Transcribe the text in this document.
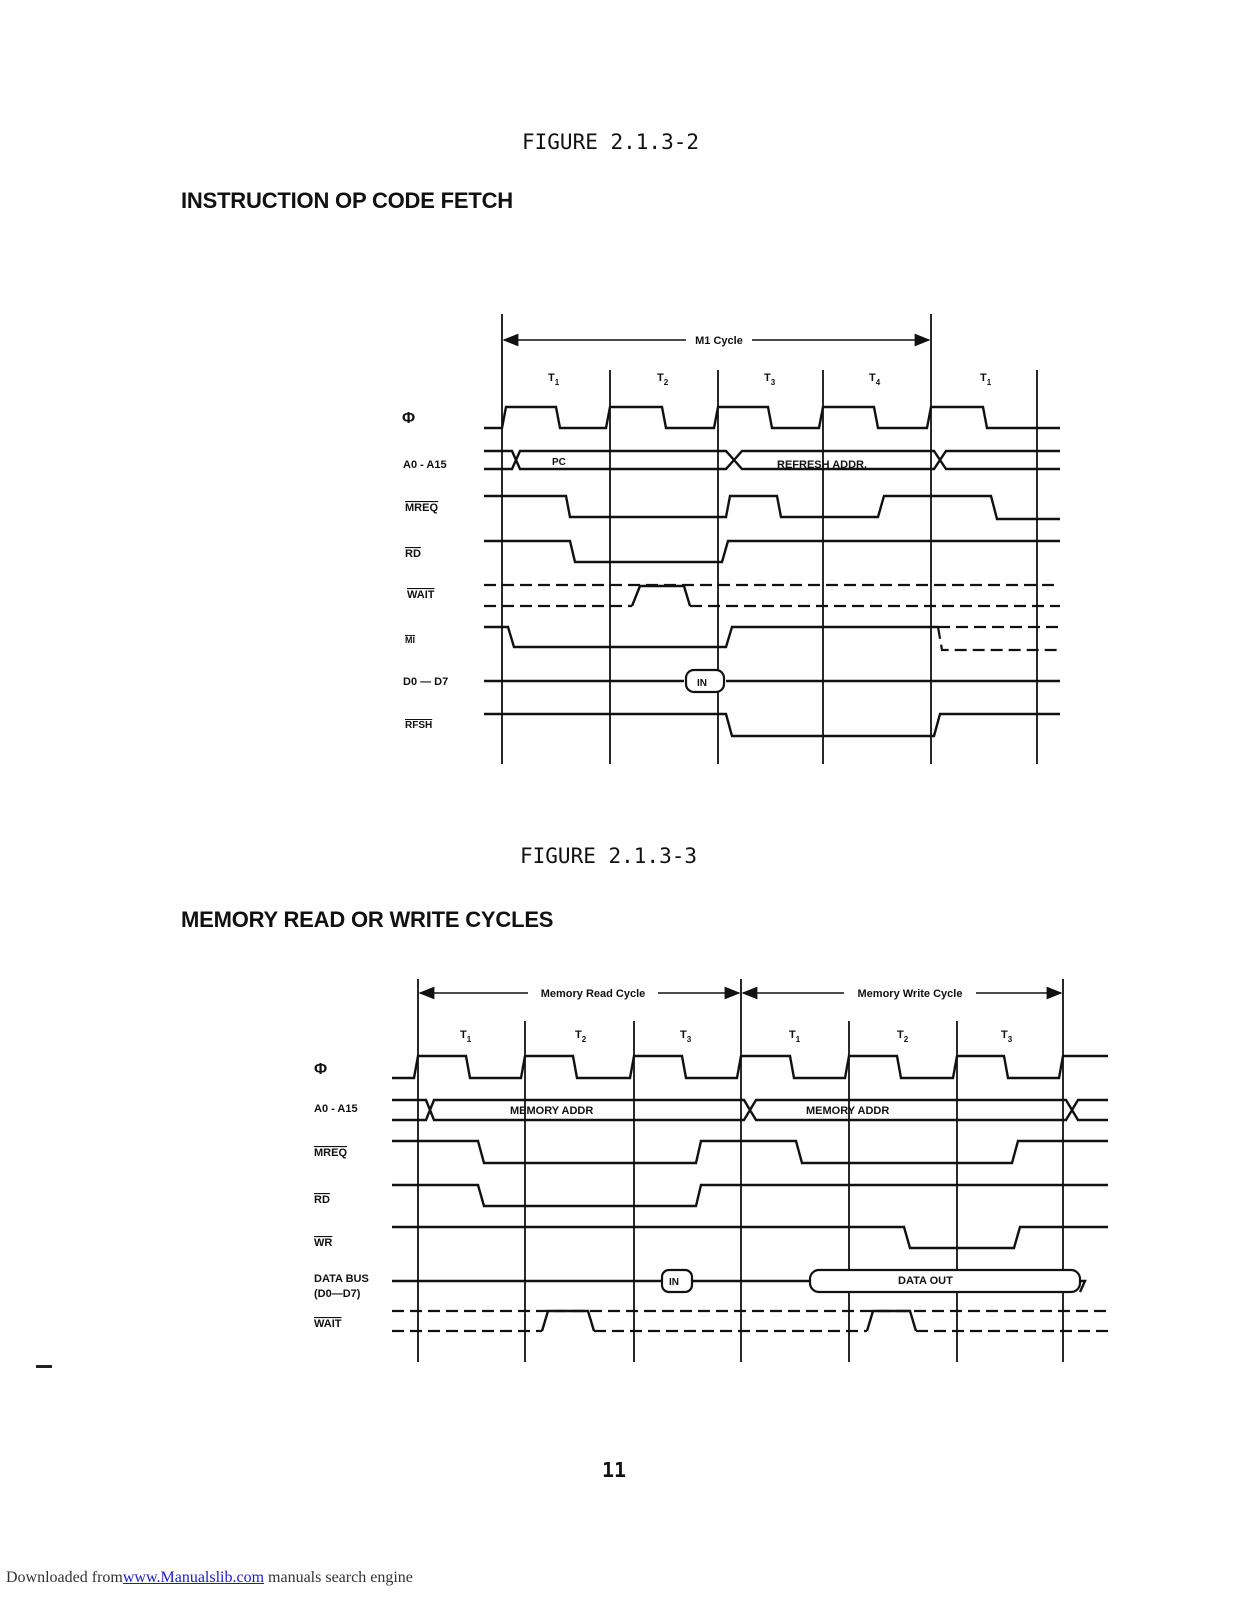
FIGURE 2.1.3-2
INSTRUCTION OP CODE FETCH
FIGURE 2.1.3-3
MEMORY READ OR WRITE CYCLES
M1 Cycle
$T_1$	$T_2$	$T_3$	$T_4$	$T_1$
Φ
A0 - A15
MREQ
RD
WAIT
MI
D0 — D7
RFSH
PC	REFRESH ADDR.
IN
Memory Read Cycle	Memory Write Cycle
$T_1$	$T_2$	$T_3$	$T_1$	$T_2$	$T_3$
Φ
A0 - A15
MREQ
RD
WR
DATA BUS
(D0—D7)
WAIT
MEMORY ADDR	MEMORY ADDR
IN	DATA OUT
11
Downloaded fromwww.Manualslib.com manuals search engine
